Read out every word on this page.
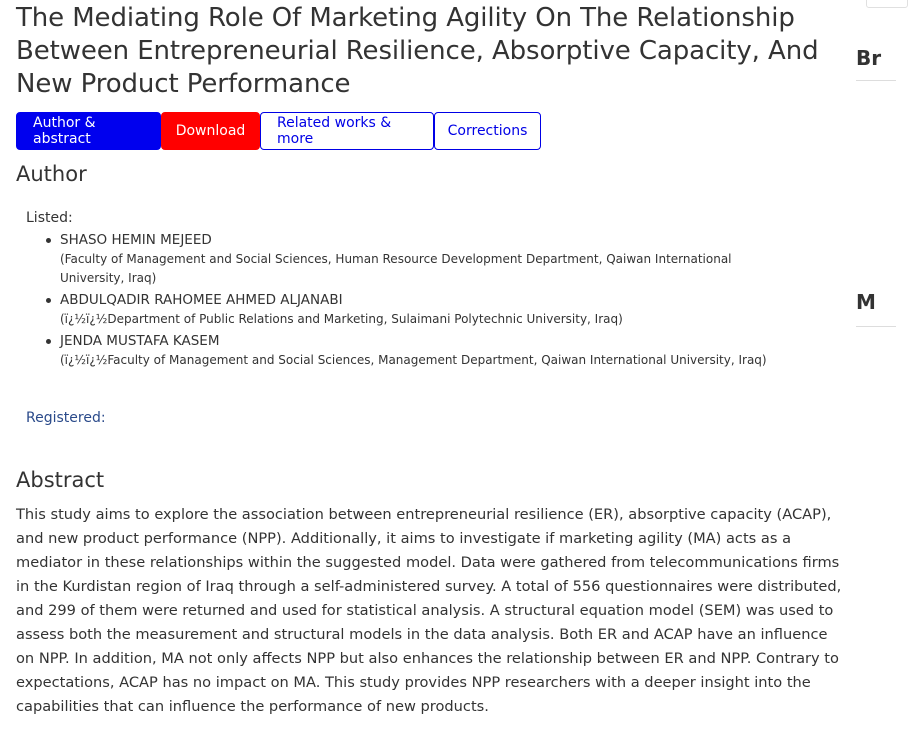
The Mediating Role Of Marketing Agility On The Relationship Between Entrepreneurial Resilience, Absorptive Capacity, And New Product Performance
Author & abstract	Download	Related works & more	Corrections
Author
Listed:
SHASO HEMIN MEJEED
(Faculty of Management and Social Sciences, Human Resource Development Department, Qaiwan International University, Iraq)
ABDULQADIR RAHOMEE AHMED ALJANABI
(ï¿½ï¿½Department of Public Relations and Marketing, Sulaimani Polytechnic University, Iraq)
JENDA MUSTAFA KASEM
(ï¿½ï¿½Faculty of Management and Social Sciences, Management Department, Qaiwan International University, Iraq)
Registered:
Abstract

This study aims to explore the association between entrepreneurial resilience (ER), absorptive capacity (ACAP), and new product performance (NPP). Additionally, it aims to investigate if marketing agility (MA) acts as a mediator in these relationships within the suggested model. Data were gathered from telecommunications firms in the Kurdistan region of Iraq through a self-administered survey. A total of 556 questionnaires were distributed, and 299 of them were returned and used for statistical analysis. A structural equation model (SEM) was used to assess both the measurement and structural models in the data analysis. Both ER and ACAP have an influence on NPP. In addition, MA not only affects NPP but also enhances the relationship between ER and NPP. Contrary to expectations, ACAP has no impact on MA. This study provides NPP researchers with a deeper insight into the capabilities that can influence the performance of new products.

Br
M
